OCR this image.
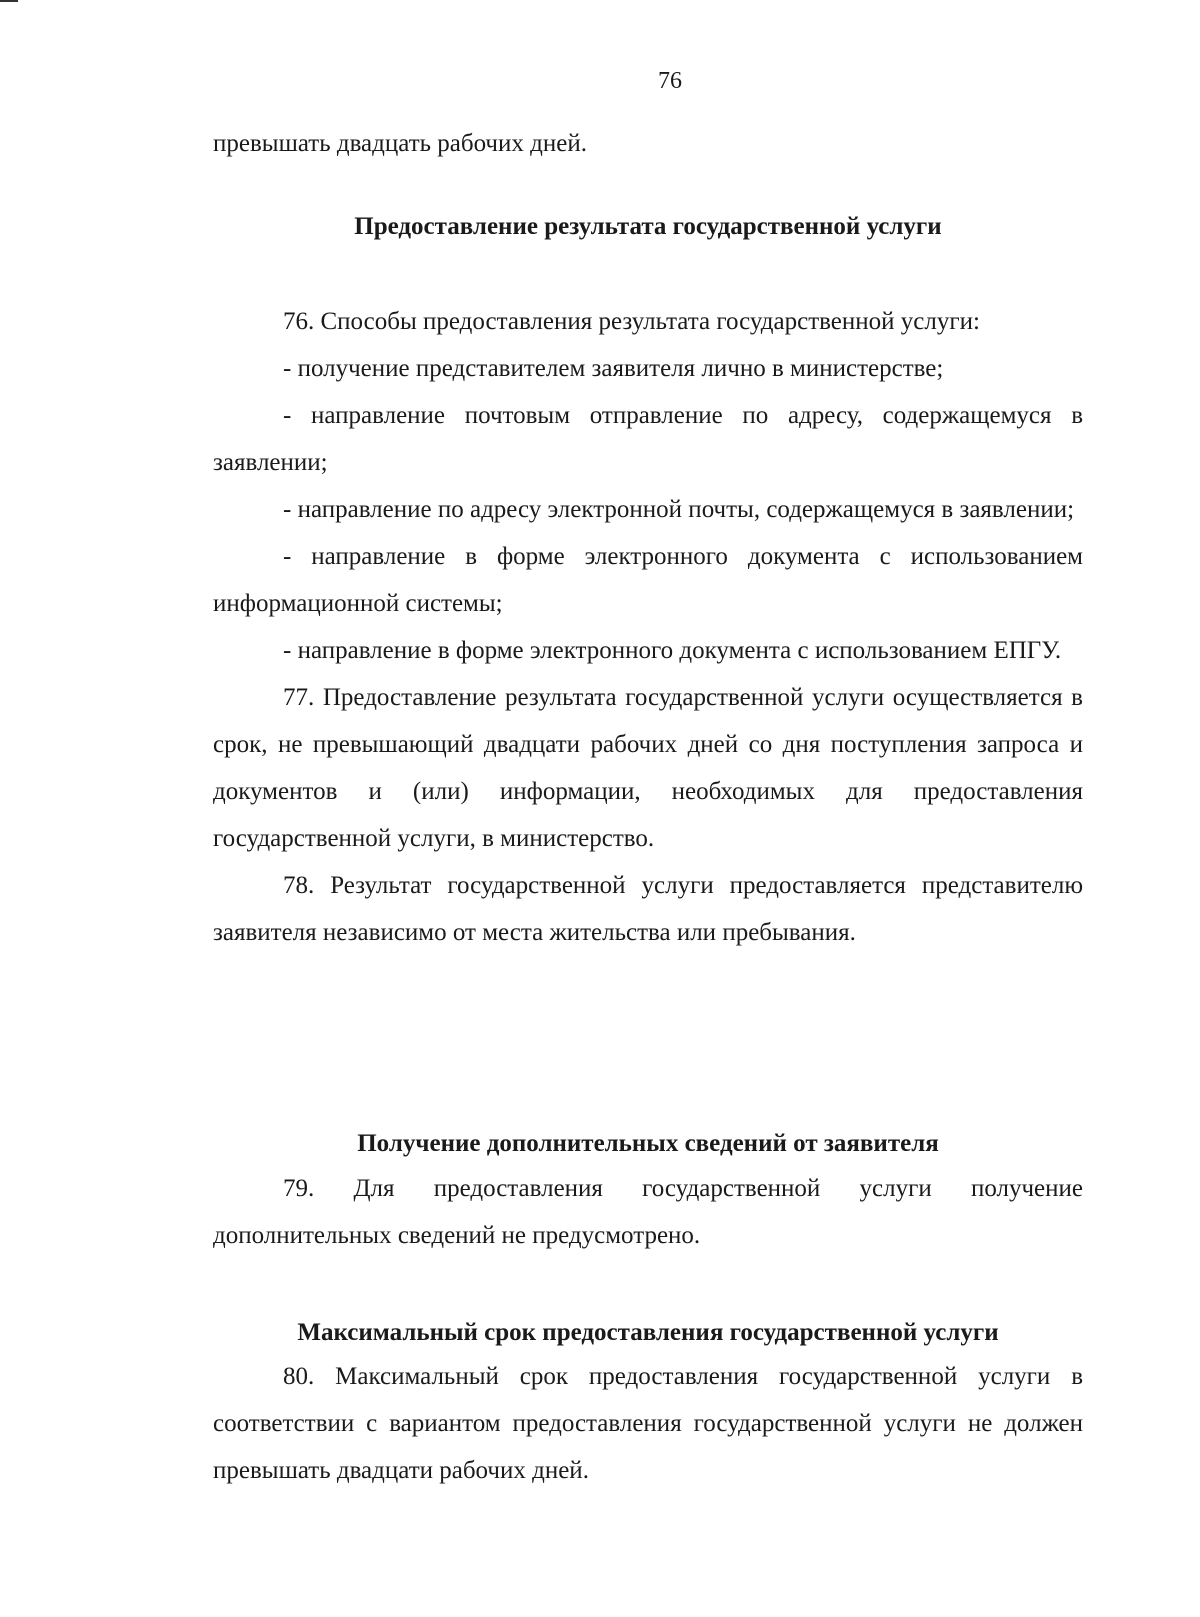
76

превышать двадцать рабочих дней.

Предоставление результата государственной услуги

76. Способы предоставления результата государственной услуги:

- получение представителем заявителя лично в министерстве;

- направление почтовым отправление по адресу, содержащемуся в заявлении;

- направление по адресу электронной почты, содержащемуся в заявлении;

- направление в форме электронного документа с использованием информационной системы;

- направление в форме электронного документа с использованием ЕПГУ.

77. Предоставление результата государственной услуги осуществляется в срок, не превышающий двадцати рабочих дней со дня поступления запроса и документов и (или) информации, необходимых для предоставления государственной услуги, в министерство.

78. Результат государственной услуги предоставляется представителю заявителя независимо от места жительства или пребывания.

Получение дополнительных сведений от заявителя

79. Для предоставления государственной услуги получение дополнительных сведений не предусмотрено.

Максимальный срок предоставления государственной услуги

80. Максимальный срок предоставления государственной услуги в соответствии с вариантом предоставления государственной услуги не должен превышать двадцати рабочих дней.
